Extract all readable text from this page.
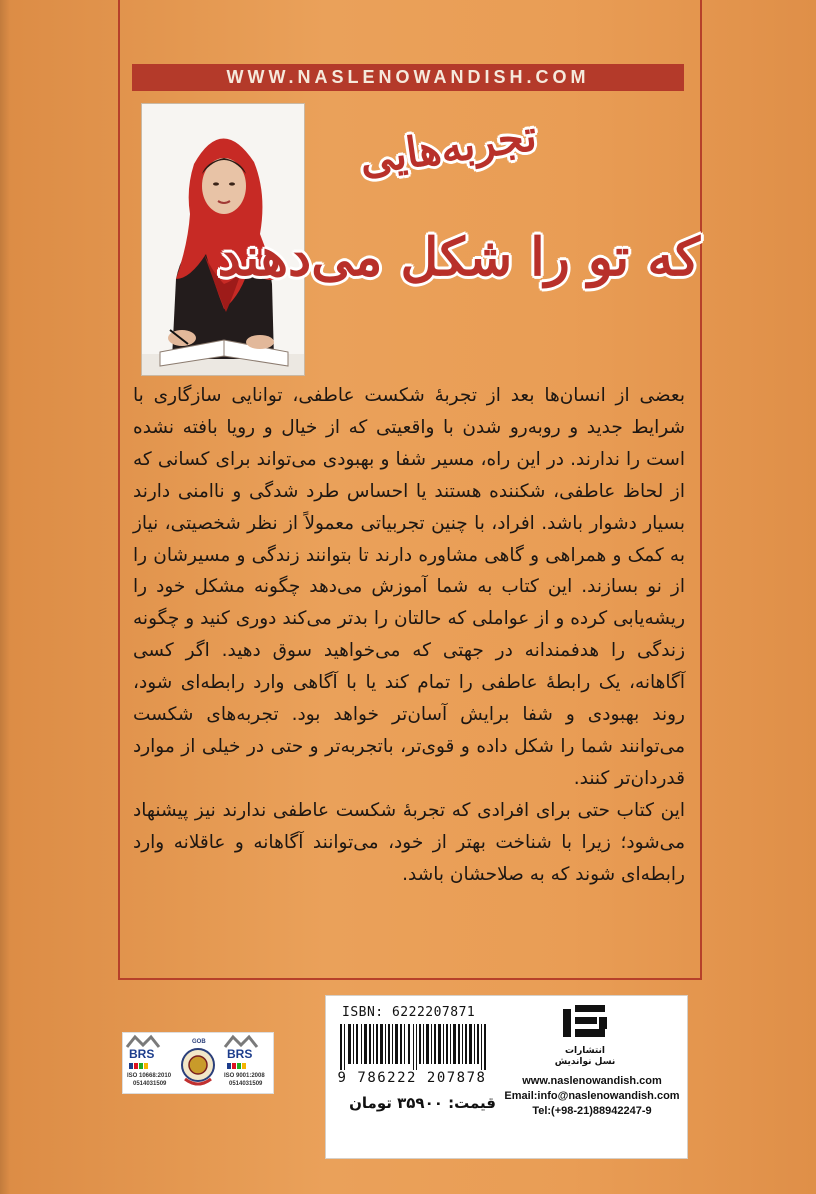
WWW.NASLENOWANDISH.COM
تجربه‌هایی
که تو را شکل می‌دهند

بعضی از انسان‌ها بعد از تجربهٔ شکست عاطفی، توانایی سازگاری با شرایط جدید و روبه‌رو شدن با واقعیتی که از خیال و رویا بافته نشده است را ندارند. در این راه، مسیر شفا و بهبودی می‌تواند برای کسانی که از لحاظ عاطفی، شکننده هستند یا احساس طرد شدگی و ناامنی دارند بسیار دشوار باشد. افراد، با چنین تجربیاتی معمولاً از نظر شخصیتی، نیاز به کمک و همراهی و گاهی مشاوره دارند تا بتوانند زندگی و مسیرشان را از نو بسازند. این کتاب به شما آموزش می‌دهد چگونه مشکل خود را ریشه‌یابی کرده و از عواملی که حالتان را بدتر می‌کند دوری کنید و چگونه زندگی را هدفمندانه در جهتی که می‌خواهید سوق دهید. اگر کسی آگاهانه، یک رابطهٔ عاطفی را تمام کند یا با آگاهی وارد رابطه‌ای شود، روند بهبودی و شفا برایش آسان‌تر خواهد بود. تجربه‌های شکست می‌توانند شما را شکل داده و قوی‌تر، باتجربه‌تر و حتی در خیلی از موارد قدردان‌تر کنند.

این کتاب حتی برای افرادی که تجربهٔ شکست عاطفی ندارند نیز پیشنهاد می‌شود؛ زیرا با شناخت بهتر از خود، می‌توانند آگاهانه و عاقلانه وارد رابطه‌ای شوند که به صلاحشان باشد.

BRS	BRS
GOB
ISO 10668:2010
0514031509
ISO 9001:2008
0514031509
ISBN: 6222207871
9 786222 207878
قیمت: ۳۵۹۰۰ تومان
انتشارات
نسل نواندیش
www.naslenowandish.com
Email:info@naslenowandish.com
Tel:(+98-21)88942247-9
